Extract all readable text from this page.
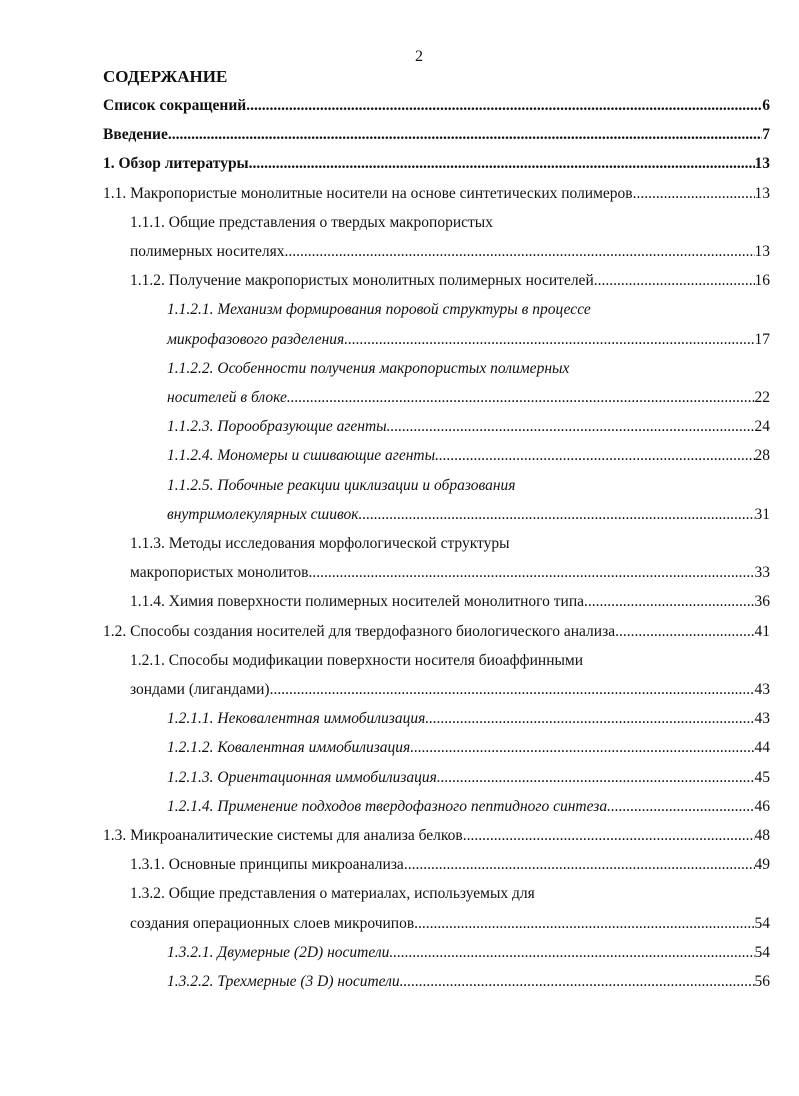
2
СОДЕРЖАНИЕ
Список сокращений .....	6
Введение .....	7
1. Обзор литературы .....	13
1.1. Макропористые монолитные носители на основе синтетических полимеров .....	13
1.1.1. Общие представления о твердых макропористых
полимерных носителях .....	13
1.1.2. Получение макропористых монолитных полимерных носителей .....	16
1.1.2.1. Механизм формирования поровой структуры в процессе
микрофазового разделения .....	17
1.1.2.2. Особенности получения макропористых полимерных
носителей в блоке .....	22
1.1.2.3. Порообразующие агенты .....	24
1.1.2.4. Мономеры и сшивающие агенты .....	28
1.1.2.5. Побочные реакции циклизации и образования
внутримолекулярных сшивок .....	31
1.1.3. Методы исследования морфологической структуры
макропористых монолитов .....	33
1.1.4. Химия поверхности полимерных носителей монолитного типа .....	36
1.2. Способы создания носителей для твердофазного биологического анализа .....	41
1.2.1. Способы модификации поверхности носителя биоаффинными
зондами (лигандами) .....	43
1.2.1.1. Нековалентная иммобилизация .....	43
1.2.1.2. Ковалентная иммобилизация .....	44
1.2.1.3. Ориентационная иммобилизация .....	45
1.2.1.4. Применение подходов твердофазного пептидного синтеза .....	46
1.3. Микроаналитические системы для анализа белков .....	48
1.3.1. Основные принципы микроанализа .....	49
1.3.2. Общие представления о материалах, используемых для
создания операционных слоев микрочипов .....	54
1.3.2.1. Двумерные (2D) носители .....	54
1.3.2.2. Трехмерные (3 D) носители .....	56
